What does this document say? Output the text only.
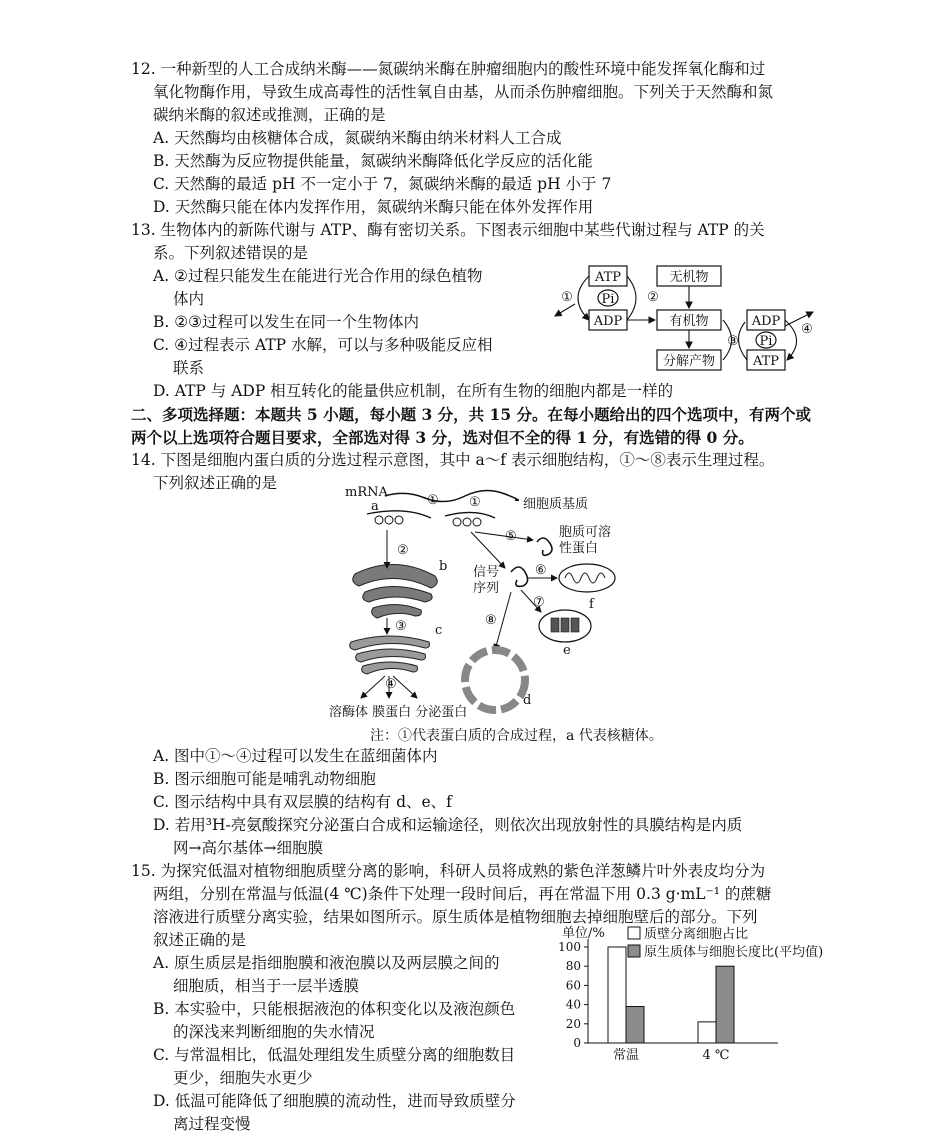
12. 一种新型的人工合成纳米酶——氮碳纳米酶在肿瘤细胞内的酸性环境中能发挥氧化酶和过
氧化物酶作用，导致生成高毒性的活性氧自由基，从而杀伤肿瘤细胞。下列关于天然酶和氮
碳纳米酶的叙述或推测，正确的是
A. 天然酶均由核糖体合成，氮碳纳米酶由纳米材料人工合成
B. 天然酶为反应物提供能量，氮碳纳米酶降低化学反应的活化能
C. 天然酶的最适 pH 不一定小于 7，氮碳纳米酶的最适 pH 小于 7
D. 天然酶只能在体内发挥作用，氮碳纳米酶只能在体外发挥作用
13. 生物体内的新陈代谢与 ATP、酶有密切关系。下图表示细胞中某些代谢过程与 ATP 的关
系。下列叙述错误的是
A. ②过程只能发生在能进行光合作用的绿色植物
体内
B. ②③过程可以发生在同一个生物体内
C. ④过程表示 ATP 水解，可以与多种吸能反应相
联系
D. ATP 与 ADP 相互转化的能量供应机制，在所有生物的细胞内都是一样的
ATP
ADP
Pi
无机物
有机物
分解产物
ADP
ATP
Pi
①	②
③
④
二、多项选择题：本题共 5 小题，每小题 3 分，共 15 分。在每小题给出的四个选项中，有两个或
两个以上选项符合题目要求，全部选对得 3 分，选对但不全的得 1 分，有选错的得 0 分。
14. 下图是细胞内蛋白质的分选过程示意图，其中 a～f 表示细胞结构，①～⑧表示生理过程。
下列叙述正确的是
mRNA
细胞质基质
① ①
a
b
②
c
③
④
溶酶体 膜蛋白 分泌蛋白
⑤	胞质可溶
性蛋白
信号
序列
⑥
f
⑦
e
⑧
d
注：①代表蛋白质的合成过程，a 代表核糖体。
A. 图中①～④过程可以发生在蓝细菌体内
B. 图示细胞可能是哺乳动物细胞
C. 图示结构中具有双层膜的结构有 d、e、f
D. 若用³H-亮氨酸探究分泌蛋白合成和运输途径，则依次出现放射性的具膜结构是内质
网→高尔基体→细胞膜
15. 为探究低温对植物细胞质壁分离的影响，科研人员将成熟的紫色洋葱鳞片叶外表皮均分为
两组，分别在常温与低温(4 ℃)条件下处理一段时间后，再在常温下用 0.3 g·mL⁻¹ 的蔗糖
溶液进行质壁分离实验，结果如图所示。原生质体是植物细胞去掉细胞壁后的部分。下列
叙述正确的是
A. 原生质层是指细胞膜和液泡膜以及两层膜之间的
细胞质，相当于一层半透膜
B. 本实验中，只能根据液泡的体积变化以及液泡颜色
的深浅来判断细胞的失水情况
C. 与常温相比，低温处理组发生质壁分离的细胞数目
更少，细胞失水更少
D. 低温可能降低了细胞膜的流动性，进而导致质壁分
离过程变慢
单位/%	质壁分离细胞占比
原生质体与细胞长度比(平均值)
0
20
40
60
80
100
常温	4 ℃
